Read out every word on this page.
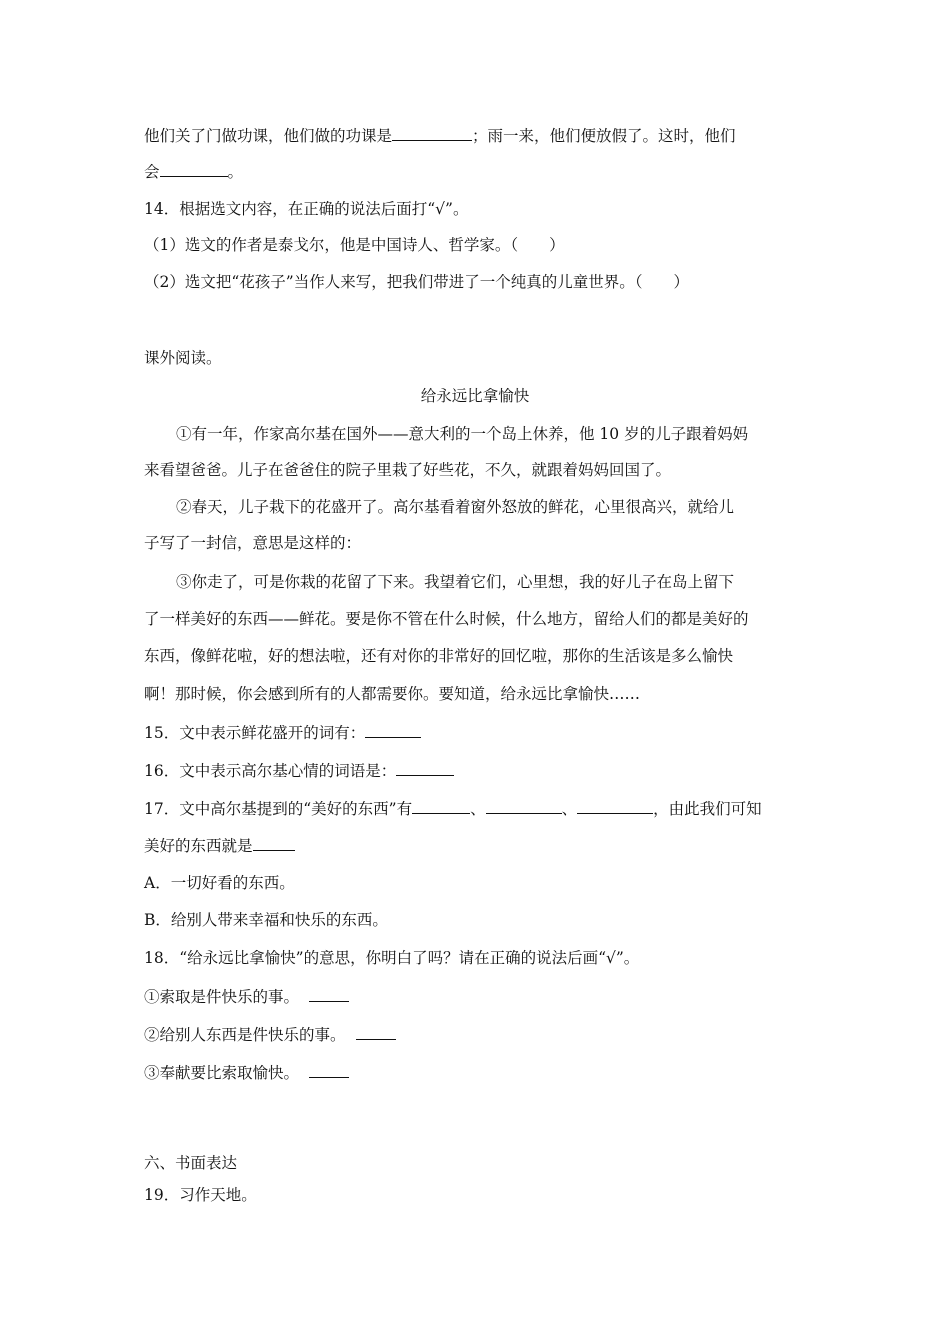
他们关了门做功课，他们做的功课是	；雨一来，他们便放假了。这时，他们
会	。
14．根据选文内容，在正确的说法后面打“√”。
（1）选文的作者是泰戈尔，他是中国诗人、哲学家。（　　）
（2）选文把“花孩子”当作人来写，把我们带进了一个纯真的儿童世界。（　　）
课外阅读。
给永远比拿愉快
①有一年，作家高尔基在国外——意大利的一个岛上休养，他 10 岁的儿子跟着妈妈
来看望爸爸。儿子在爸爸住的院子里栽了好些花，不久，就跟着妈妈回国了。
②春天，儿子栽下的花盛开了。高尔基看着窗外怒放的鲜花，心里很高兴，就给儿
子写了一封信，意思是这样的：
③你走了，可是你栽的花留了下来。我望着它们，心里想，我的好儿子在岛上留下
了一样美好的东西——鲜花。要是你不管在什么时候，什么地方，留给人们的都是美好的
东西，像鲜花啦，好的想法啦，还有对你的非常好的回忆啦，那你的生活该是多么愉快
啊！那时候，你会感到所有的人都需要你。要知道，给永远比拿愉快……
15．文中表示鲜花盛开的词有：
16．文中表示高尔基心情的词语是：
17．文中高尔基提到的“美好的东西”有	、	、	，由此我们可知
美好的东西就是
A．一切好看的东西。
B．给别人带来幸福和快乐的东西。
18．“给永远比拿愉快”的意思，你明白了吗？请在正确的说法后画“√”。
①索取是件快乐的事。
②给别人东西是件快乐的事。
③奉献要比索取愉快。
六、书面表达
19．习作天地。
